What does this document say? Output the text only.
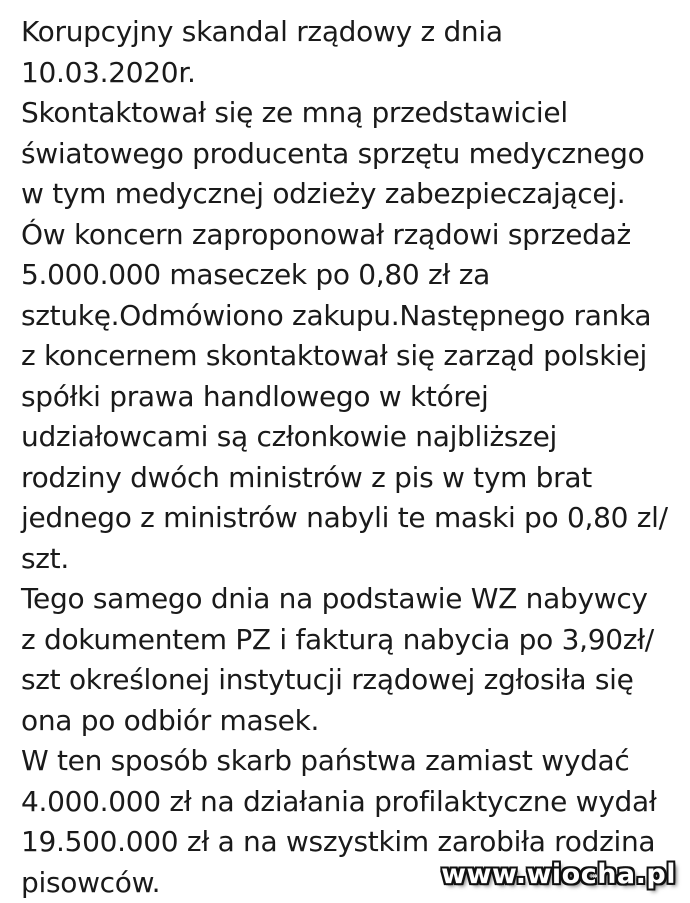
Korupcyjny skandal rządowy z dnia
10.03.2020r.
Skontaktował się ze mną przedstawiciel
światowego producenta sprzętu medycznego
w tym medycznej odzieży zabezpieczającej.
Ów koncern zaproponował rządowi sprzedaż
5.000.000 maseczek po 0,80 zł za
sztukę.Odmówiono zakupu.Następnego ranka
z koncernem skontaktował się zarząd polskiej
spółki prawa handlowego w której
udziałowcami są członkowie najbliższej
rodziny dwóch ministrów z pis w tym brat
jednego z ministrów nabyli te maski po 0,80 zl/
szt.
Tego samego dnia na podstawie WZ nabywcy
z dokumentem PZ i fakturą nabycia po 3,90zł/
szt określonej instytucji rządowej zgłosiła się
ona po odbiór masek.
W ten sposób skarb państwa zamiast wydać
4.000.000 zł na działania profilaktyczne wydał
19.500.000 zł a na wszystkim zarobiła rodzina
pisowców.	www.wiocha.pl
